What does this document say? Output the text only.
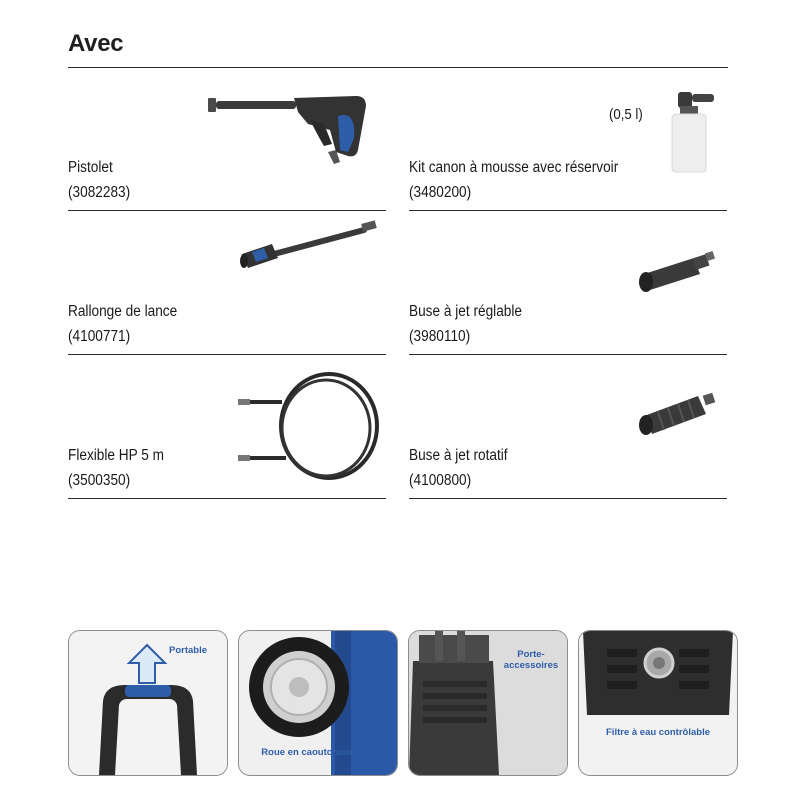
Avec
Pistolet
(3082283)
(0,5 l)
Kit canon à mousse avec réservoir
(3480200)
Rallonge de lance
(4100771)
Buse à jet réglable
(3980110)
Flexible HP 5 m
(3500350)
Buse à jet rotatif
(4100800)
Portable
Roue en caoutchouc
Porte-
accessoires
Filtre à eau contrôlable
